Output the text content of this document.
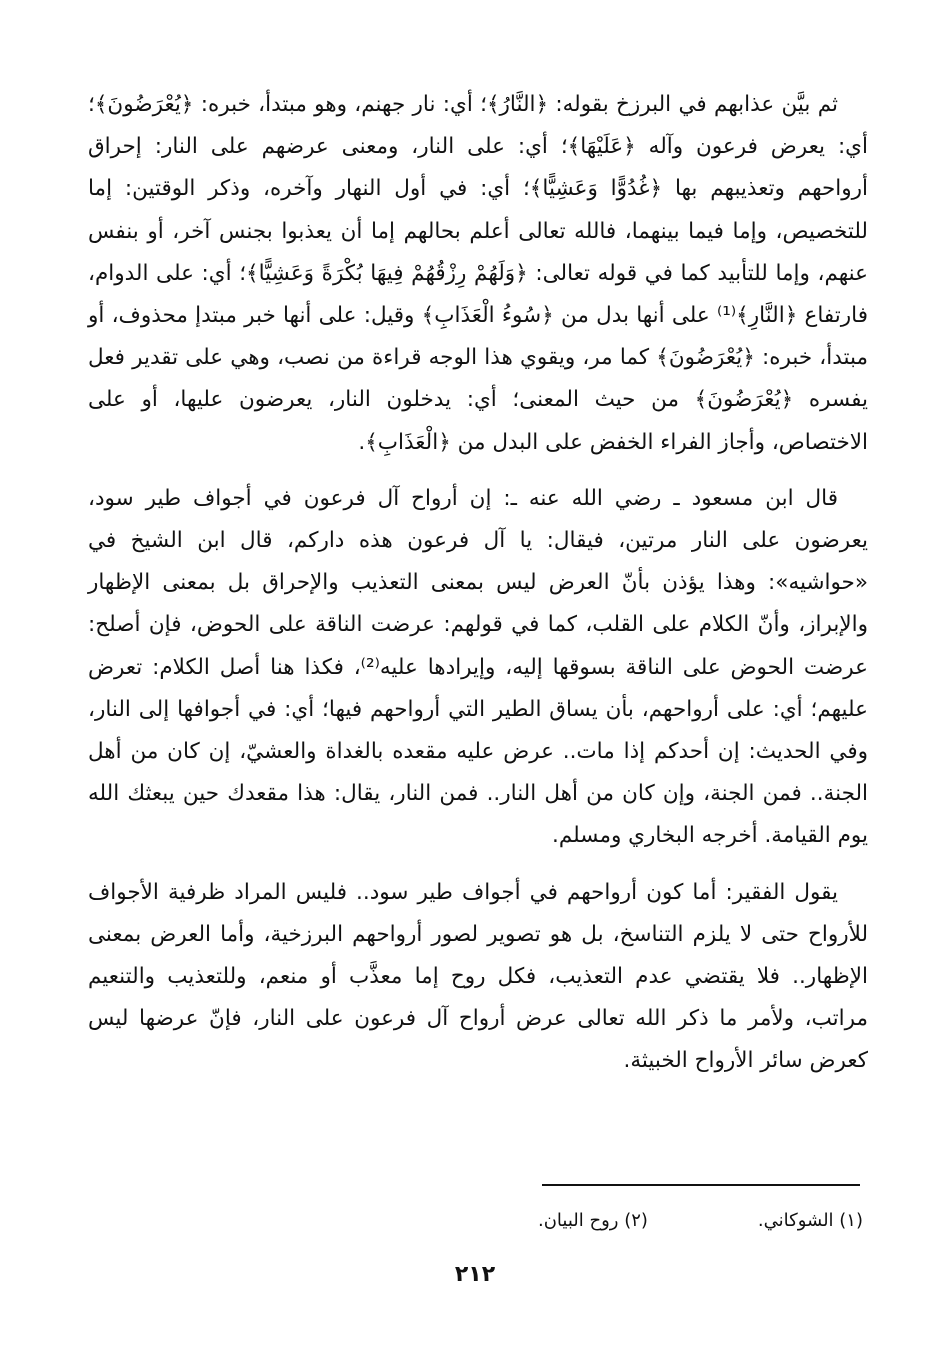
ثم بيَّن عذابهم في البرزخ بقوله: ﴿النَّارُ﴾؛ أي: نار جهنم، وهو مبتدأ، خبره: ﴿يُعْرَضُونَ﴾؛ أي: يعرض فرعون وآله ﴿عَلَيْهَا﴾؛ أي: على النار، ومعنى عرضهم على النار: إحراق أرواحهم وتعذيبهم بها ﴿غُدُوًّا وَعَشِيًّا﴾؛ أي: في أول النهار وآخره، وذكر الوقتين: إما للتخصيص، وإما فيما بينهما، فالله تعالى أعلم بحالهم إما أن يعذبوا بجنس آخر، أو بنفس عنهم، وإما للتأبيد كما في قوله تعالى: ﴿وَلَهُمْ رِزْقُهُمْ فِيهَا بُكْرَةً وَعَشِيًّا﴾؛ أي: على الدوام، فارتفاع ﴿النَّارِ﴾⁽¹⁾ على أنها بدل من ﴿سُوءُ الْعَذَابِ﴾ وقيل: على أنها خبر مبتدإ محذوف، أو مبتدأ، خبره: ﴿يُعْرَضُونَ﴾ كما مر، ويقوي هذا الوجه قراءة من نصب، وهي على تقدير فعل يفسره ﴿يُعْرَضُونَ﴾ من حيث المعنى؛ أي: يدخلون النار، يعرضون عليها، أو على الاختصاص، وأجاز الفراء الخفض على البدل من ﴿الْعَذَابِ﴾.

قال ابن مسعود ـ رضي الله عنه ـ: إن أرواح آل فرعون في أجواف طير سود، يعرضون على النار مرتين، فيقال: يا آل فرعون هذه داركم، قال ابن الشيخ في «حواشيه»: وهذا يؤذن بأنّ العرض ليس بمعنى التعذيب والإحراق بل بمعنى الإظهار والإبراز، وأنّ الكلام على القلب، كما في قولهم: عرضت الناقة على الحوض، فإن أصلح: عرضت الحوض على الناقة بسوقها إليه، وإيرادها عليه⁽²⁾، فكذا هنا أصل الكلام: تعرض عليهم؛ أي: على أرواحهم، بأن يساق الطير التي أرواحهم فيها؛ أي: في أجوافها إلى النار، وفي الحديث: إن أحدكم إذا مات.. عرض عليه مقعده بالغداة والعشيّ، إن كان من أهل الجنة.. فمن الجنة، وإن كان من أهل النار.. فمن النار، يقال: هذا مقعدك حين يبعثك الله يوم القيامة. أخرجه البخاري ومسلم.

يقول الفقير: أما كون أرواحهم في أجواف طير سود.. فليس المراد ظرفية الأجواف للأرواح حتى لا يلزم التناسخ، بل هو تصوير لصور أرواحهم البرزخية، وأما العرض بمعنى الإظهار.. فلا يقتضي عدم التعذيب، فكل روح إما معذَّب أو منعم، وللتعذيب والتنعيم مراتب، ولأمر ما ذكر الله تعالى عرض أرواح آل فرعون على النار، فإنّ عرضها ليس كعرض سائر الأرواح الخبيثة.

(١) الشوكاني.
(٢) روح البيان.
٢١٢
